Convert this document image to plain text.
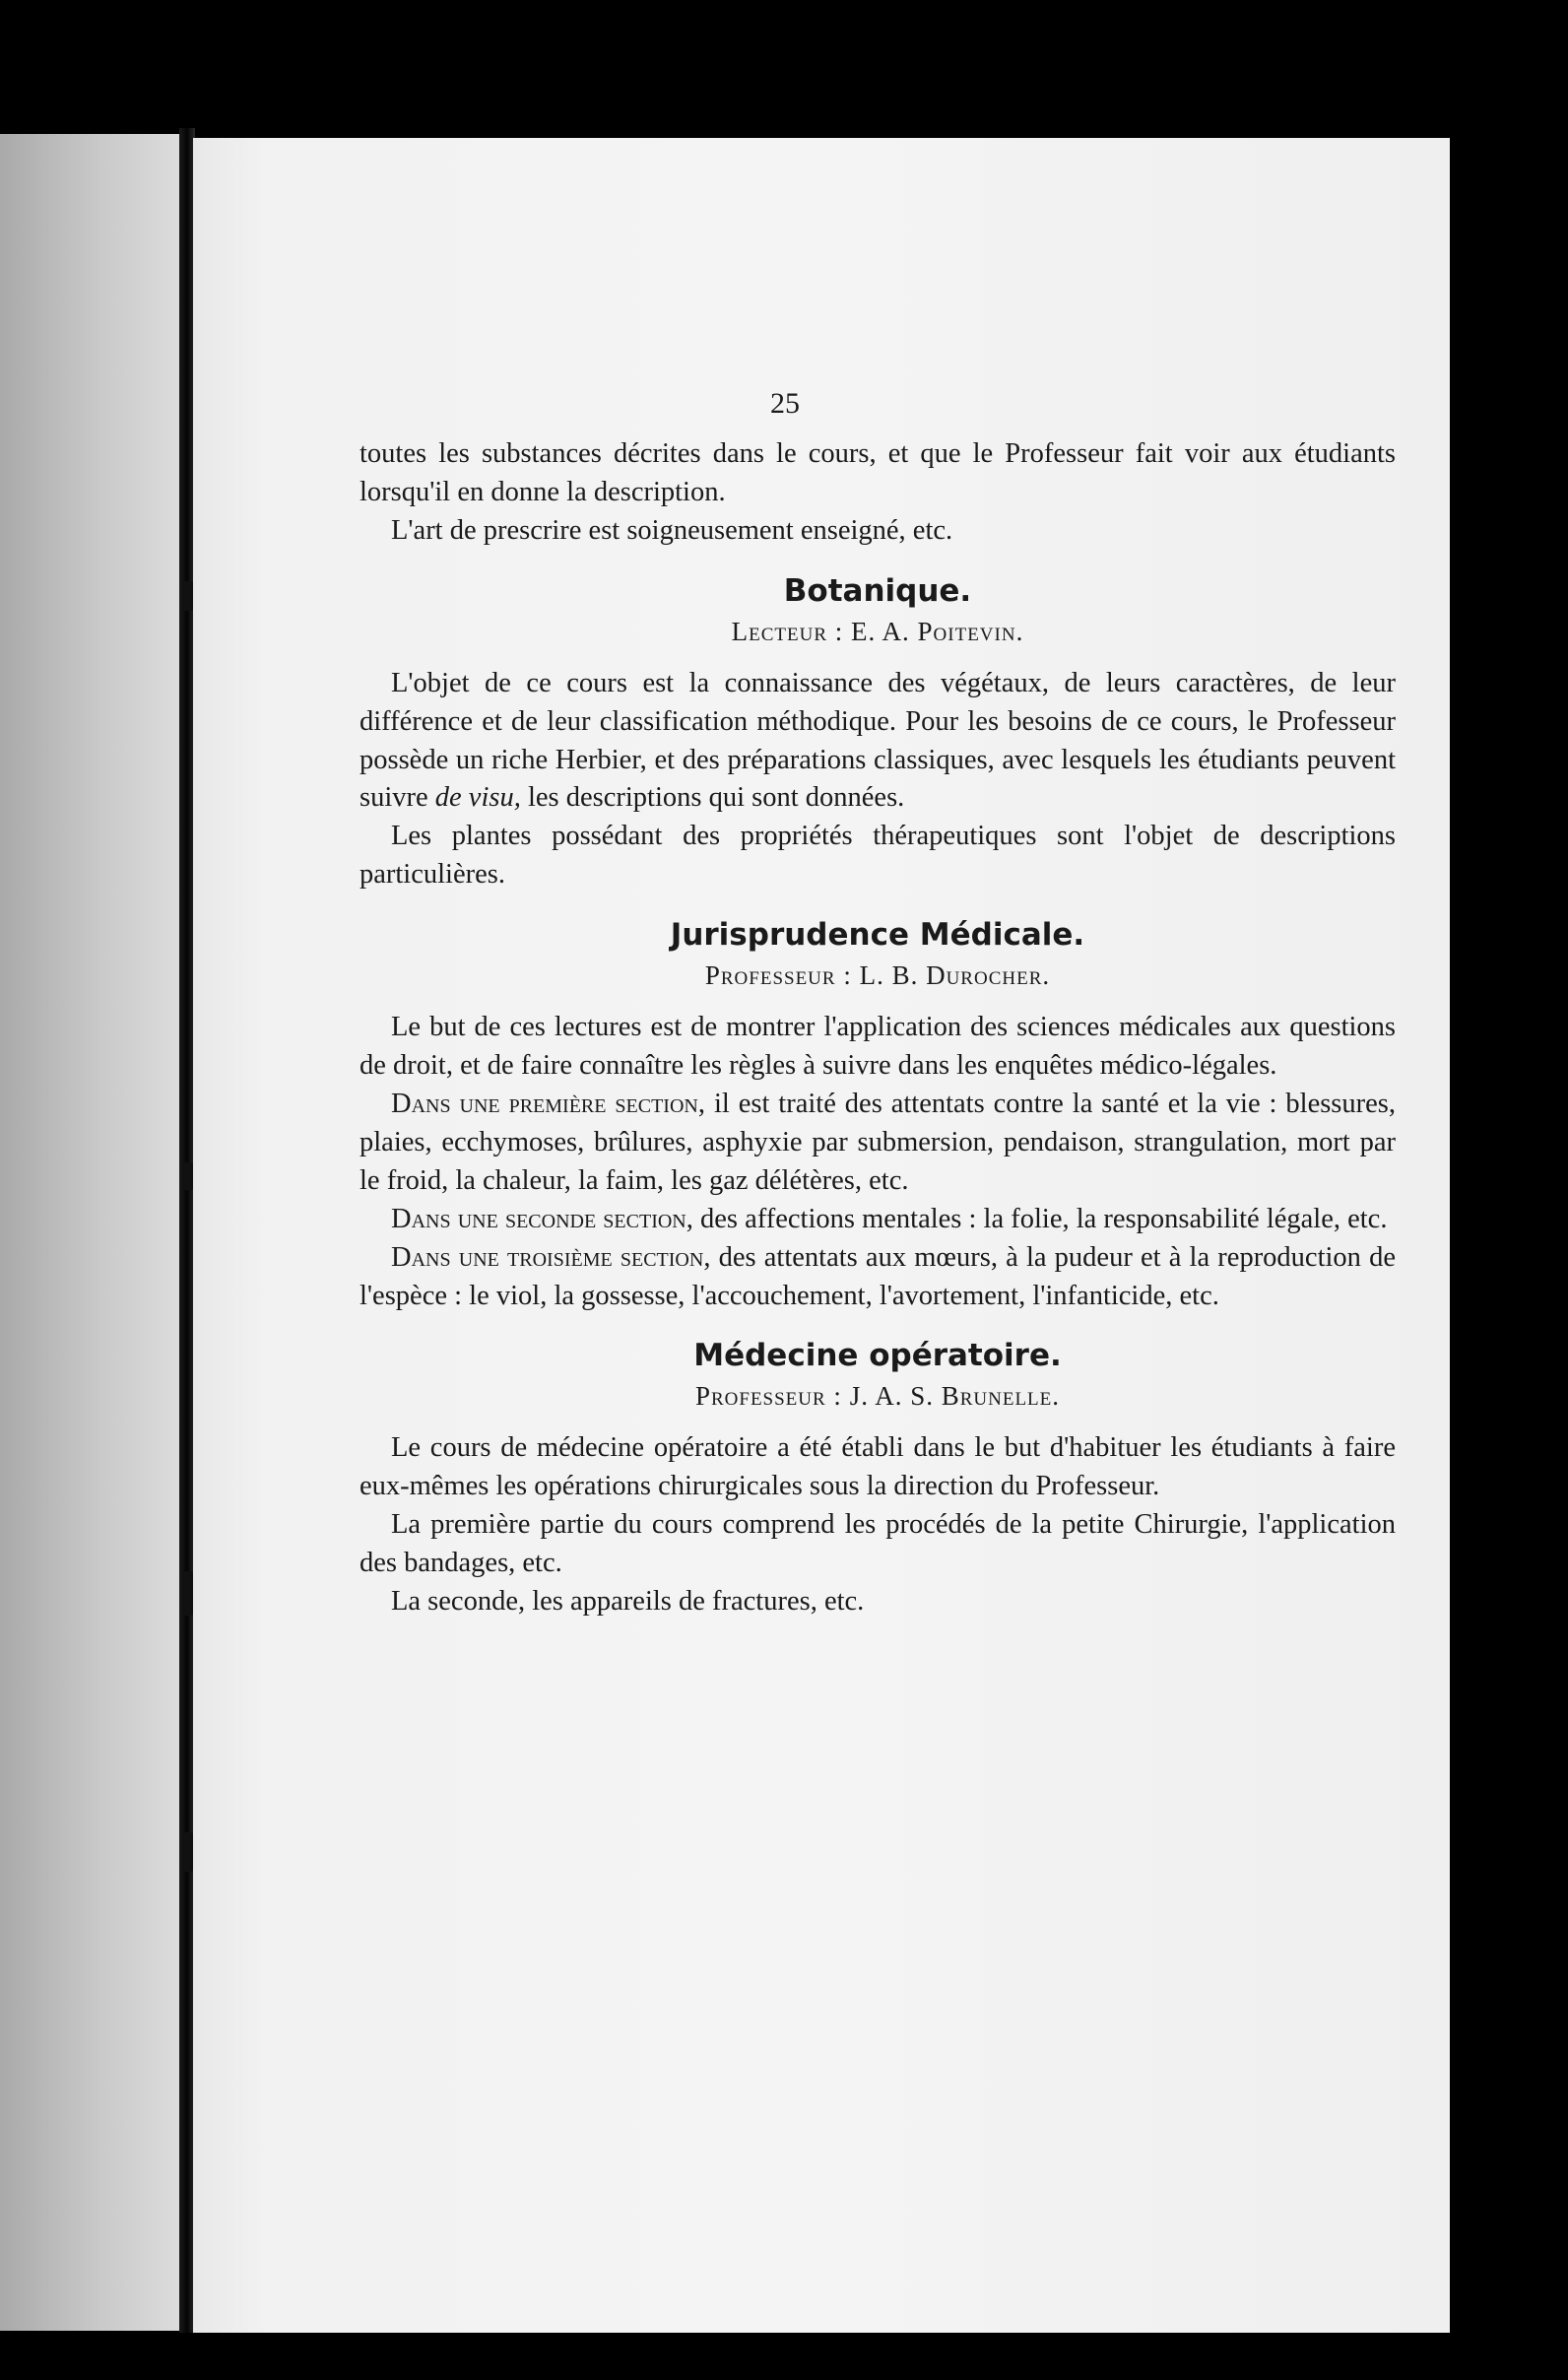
25

toutes les substances décrites dans le cours, et que le Professeur fait voir aux étudiants lorsqu'il en donne la description.

L'art de prescrire est soigneusement enseigné, etc.

Botanique.

Lecteur : E. A. Poitevin.

L'objet de ce cours est la connaissance des végétaux, de leurs caractères, de leur différence et de leur classification méthodique. Pour les besoins de ce cours, le Professeur possède un riche Herbier, et des préparations classiques, avec lesquels les étudiants peuvent suivre de visu, les descriptions qui sont données.

Les plantes possédant des propriétés thérapeutiques sont l'objet de descriptions particulières.

Jurisprudence Médicale.

Professeur : L. B. Durocher.

Le but de ces lectures est de montrer l'application des sciences médicales aux questions de droit, et de faire connaître les règles à suivre dans les enquêtes médico-légales.

Dans une première section, il est traité des attentats contre la santé et la vie : blessures, plaies, ecchymoses, brûlures, asphyxie par submersion, pendaison, strangulation, mort par le froid, la chaleur, la faim, les gaz délétères, etc.

Dans une seconde section, des affections mentales : la folie, la responsabilité légale, etc.

Dans une troisième section, des attentats aux mœurs, à la pudeur et à la reproduction de l'espèce : le viol, la gossesse, l'accouchement, l'avortement, l'infanticide, etc.

Médecine opératoire.

Professeur : J. A. S. Brunelle.

Le cours de médecine opératoire a été établi dans le but d'habituer les étudiants à faire eux-mêmes les opérations chirurgicales sous la direction du Professeur.

La première partie du cours comprend les procédés de la petite Chirurgie, l'application des bandages, etc.

La seconde, les appareils de fractures, etc.
